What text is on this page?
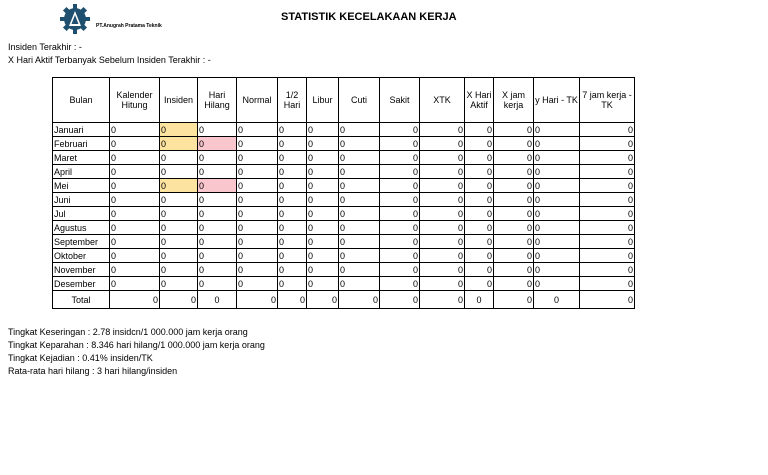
PT.Anugrah Pratama Teknik
STATISTIK KECELAKAAN KERJA
Insiden Terakhir : -
X Hari Aktif Terbanyak Sebelum Insiden Terakhir : -
Bulan	Kalender Hitung	Insiden	Hari Hilang	Normal	1/2 Hari	Libur	Cuti	Sakit	XTK	X Hari Aktif	X jam kerja	y Hari - TK	7 jam kerja - TK
Januari	0	0	0	0	0	0	0	0	0	0	0	0	0
Februari	0	0	0	0	0	0	0	0	0	0	0	0	0
Maret	0	0	0	0	0	0	0	0	0	0	0	0	0
April	0	0	0	0	0	0	0	0	0	0	0	0	0
Mei	0	0	0	0	0	0	0	0	0	0	0	0	0
Juni	0	0	0	0	0	0	0	0	0	0	0	0	0
Jul	0	0	0	0	0	0	0	0	0	0	0	0	0
Agustus	0	0	0	0	0	0	0	0	0	0	0	0	0
September	0	0	0	0	0	0	0	0	0	0	0	0	0
Oktober	0	0	0	0	0	0	0	0	0	0	0	0	0
November	0	0	0	0	0	0	0	0	0	0	0	0	0
Desember	0	0	0	0	0	0	0	0	0	0	0	0	0
Total	0	0	0	0	0	0	0	0	0	0	0	0	0
Tingkat Keseringan : 2.78 insidcn/1 000.000 jam kerja orang
Tingkat Keparahan : 8.346 hari hilang/1 000.000 jam kerja orang
Tingkat Kejadian : 0.41% insiden/TK
Rata-rata hari hilang : 3 hari hilang/insiden
